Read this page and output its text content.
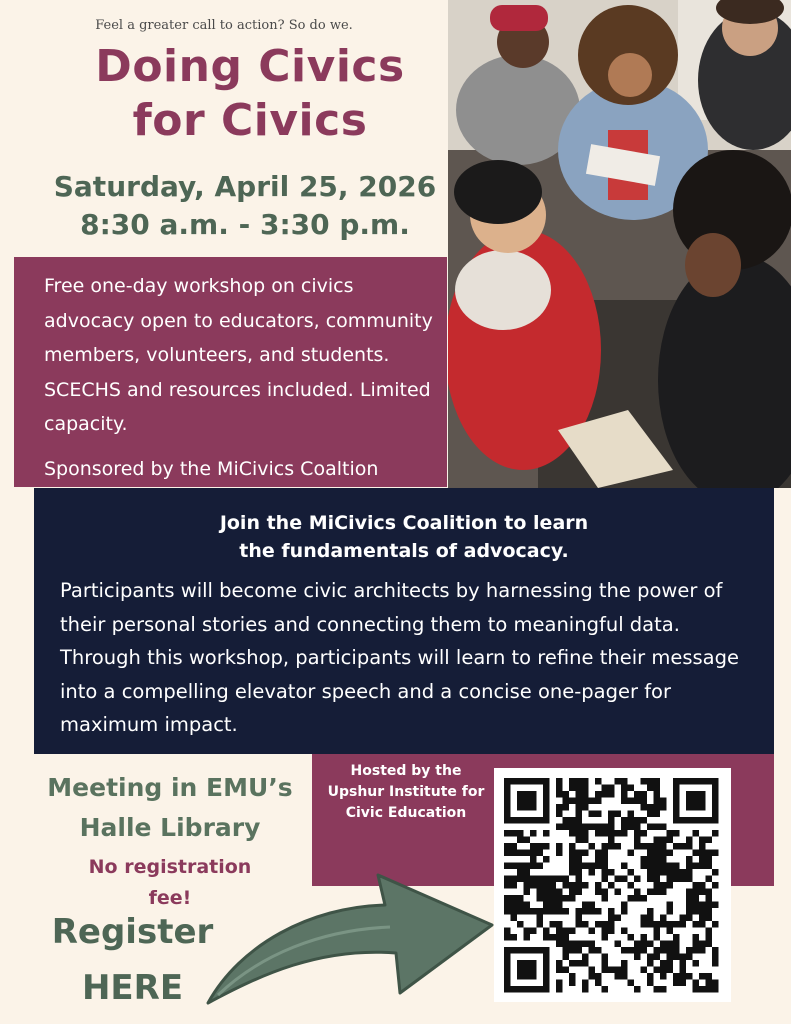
Feel a greater call to action? So do we.
Doing Civics
for Civics
Saturday, April 25, 2026
8:30 a.m. - 3:30 p.m.
Free one-day workshop on civics advocacy open to educators, community members, volunteers, and students. SCECHS and resources included. Limited capacity.
Sponsored by the MiCivics Coaltion
Join the MiCivics Coalition to learn
the fundamentals of advocacy.
Participants will become civic architects by harnessing the power of their personal stories and connecting them to meaningful data. Through this workshop, participants will learn to refine their message into a compelling elevator speech and a concise one-pager for maximum impact.
Meeting in EMU’s
Halle Library
No registration
fee!
Hosted by the
Upshur Institute for
Civic Education
Register
HERE
